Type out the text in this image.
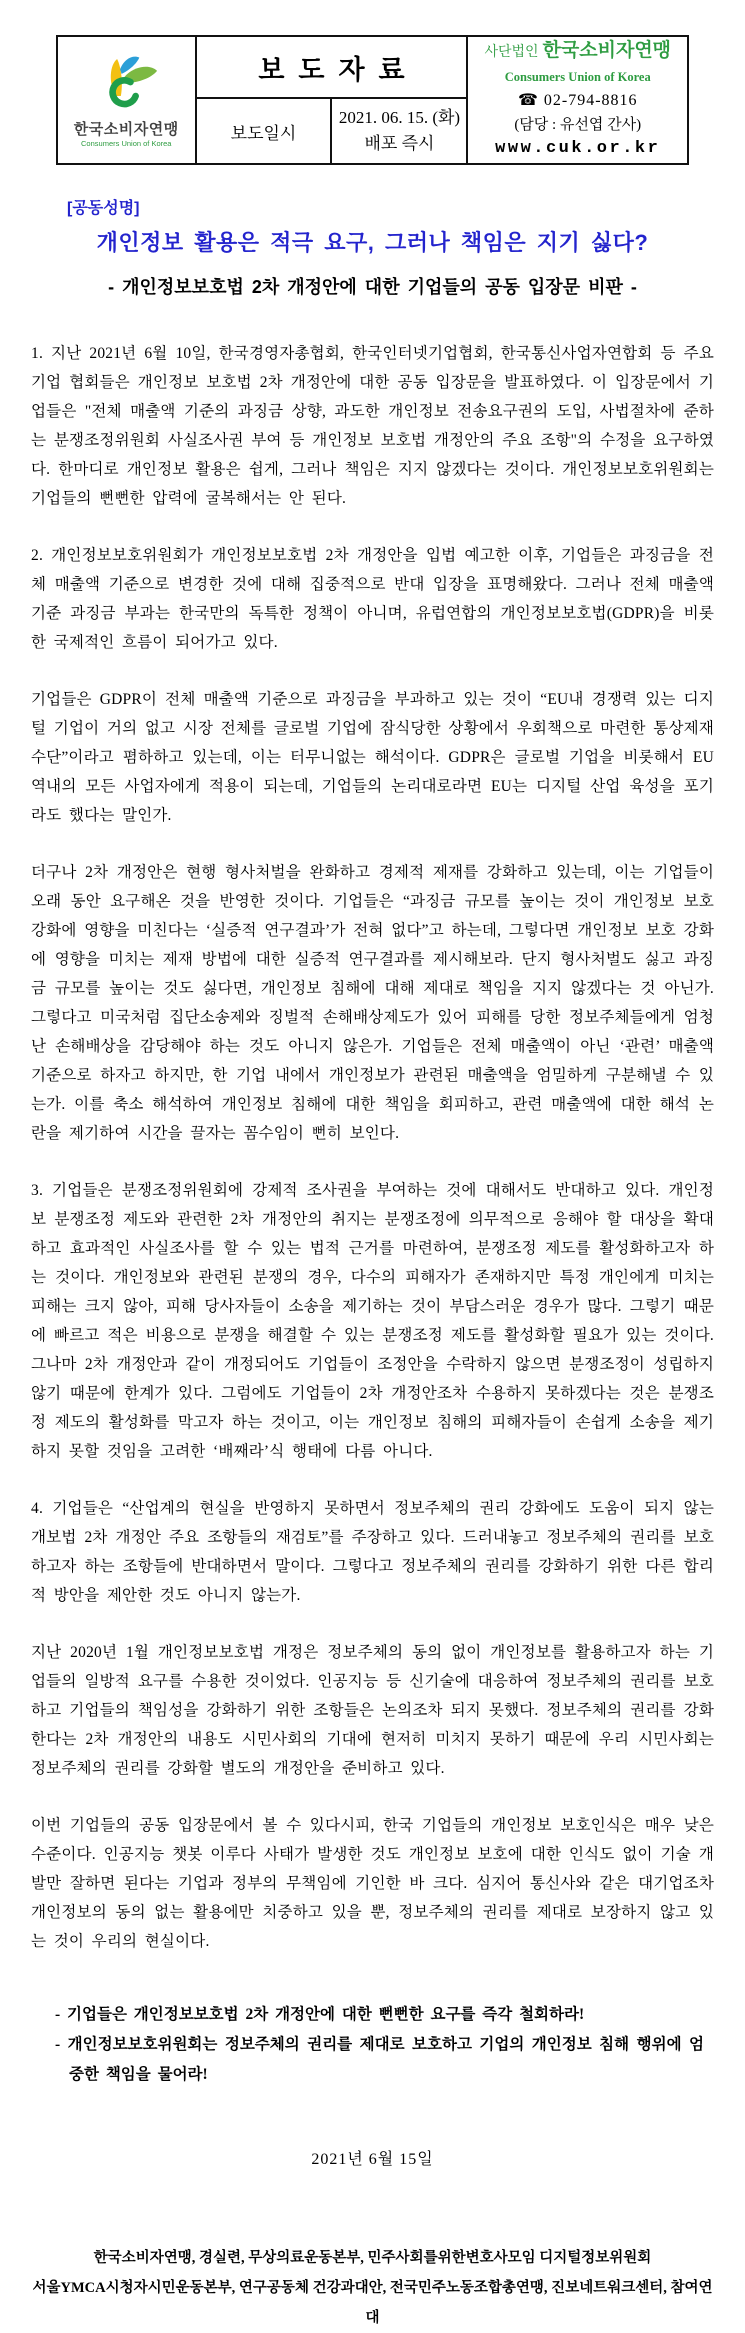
한국소비자연맹
Consumers Union of Korea

보도자료

사단법인 한국소비자연맹
Consumers Union of Korea
☎ 02-794-8816
(담당 : 유선엽 간사)
www.cuk.or.kr

	보도일시	2021. 06. 15. (화)
배포 즉시	
[공동성명]
개인정보 활용은 적극 요구, 그러나 책임은 지기 싫다?
- 개인정보보호법 2차 개정안에 대한 기업들의 공동 입장문 비판 -

1. 지난 2021년 6월 10일, 한국경영자총협회, 한국인터넷기업협회, 한국통신사업자연합회 등 주요 기업 협회들은 개인정보 보호법 2차 개정안에 대한 공동 입장문을 발표하였다. 이 입장문에서 기업들은 "전체 매출액 기준의 과징금 상향, 과도한 개인정보 전송요구권의 도입, 사법절차에 준하는 분쟁조정위원회 사실조사권 부여 등 개인정보 보호법 개정안의 주요 조항"의 수정을 요구하였다. 한마디로 개인정보 활용은 쉽게, 그러나 책임은 지지 않겠다는 것이다. 개인정보보호위원회는 기업들의 뻔뻔한 압력에 굴복해서는 안 된다.

2. 개인정보보호위원회가 개인정보보호법 2차 개정안을 입법 예고한 이후, 기업들은 과징금을 전체 매출액 기준으로 변경한 것에 대해 집중적으로 반대 입장을 표명해왔다. 그러나 전체 매출액 기준 과징금 부과는 한국만의 독특한 정책이 아니며, 유럽연합의 개인정보보호법(GDPR)을 비롯한 국제적인 흐름이 되어가고 있다.

기업들은 GDPR이 전체 매출액 기준으로 과징금을 부과하고 있는 것이 “EU내 경쟁력 있는 디지털 기업이 거의 없고 시장 전체를 글로벌 기업에 잠식당한 상황에서 우회책으로 마련한 통상제재 수단”이라고 폄하하고 있는데, 이는 터무니없는 해석이다. GDPR은 글로벌 기업을 비롯해서 EU 역내의 모든 사업자에게 적용이 되는데, 기업들의 논리대로라면 EU는 디지털 산업 육성을 포기라도 했다는 말인가.

더구나 2차 개정안은 현행 형사처벌을 완화하고 경제적 제재를 강화하고 있는데, 이는 기업들이 오래 동안 요구해온 것을 반영한 것이다. 기업들은 “과징금 규모를 높이는 것이 개인정보 보호 강화에 영향을 미친다는 ‘실증적 연구결과’가 전혀 없다”고 하는데, 그렇다면 개인정보 보호 강화에 영향을 미치는 제재 방법에 대한 실증적 연구결과를 제시해보라. 단지 형사처벌도 싫고 과징금 규모를 높이는 것도 싫다면, 개인정보 침해에 대해 제대로 책임을 지지 않겠다는 것 아닌가. 그렇다고 미국처럼 집단소송제와 징벌적 손해배상제도가 있어 피해를 당한 정보주체들에게 엄청난 손해배상을 감당해야 하는 것도 아니지 않은가. 기업들은 전체 매출액이 아닌 ‘관련’ 매출액 기준으로 하자고 하지만, 한 기업 내에서 개인정보가 관련된 매출액을 엄밀하게 구분해낼 수 있는가. 이를 축소 해석하여 개인정보 침해에 대한 책임을 회피하고, 관련 매출액에 대한 해석 논란을 제기하여 시간을 끌자는 꼼수임이 뻔히 보인다.

3. 기업들은 분쟁조정위원회에 강제적 조사권을 부여하는 것에 대해서도 반대하고 있다. 개인정보 분쟁조정 제도와 관련한 2차 개정안의 취지는 분쟁조정에 의무적으로 응해야 할 대상을 확대하고 효과적인 사실조사를 할 수 있는 법적 근거를 마련하여, 분쟁조정 제도를 활성화하고자 하는 것이다. 개인정보와 관련된 분쟁의 경우, 다수의 피해자가 존재하지만 특정 개인에게 미치는 피해는 크지 않아, 피해 당사자들이 소송을 제기하는 것이 부담스러운 경우가 많다. 그렇기 때문에 빠르고 적은 비용으로 분쟁을 해결할 수 있는 분쟁조정 제도를 활성화할 필요가 있는 것이다. 그나마 2차 개정안과 같이 개정되어도 기업들이 조정안을 수락하지 않으면 분쟁조정이 성립하지 않기 때문에 한계가 있다. 그럼에도 기업들이 2차 개정안조차 수용하지 못하겠다는 것은 분쟁조정 제도의 활성화를 막고자 하는 것이고, 이는 개인정보 침해의 피해자들이 손쉽게 소송을 제기하지 못할 것임을 고려한 ‘배째라’식 행태에 다름 아니다.

4. 기업들은 “산업계의 현실을 반영하지 못하면서 정보주체의 권리 강화에도 도움이 되지 않는 개보법 2차 개정안 주요 조항들의 재검토”를 주장하고 있다. 드러내놓고 정보주체의 권리를 보호하고자 하는 조항들에 반대하면서 말이다. 그렇다고 정보주체의 권리를 강화하기 위한 다른 합리적 방안을 제안한 것도 아니지 않는가.

지난 2020년 1월 개인정보보호법 개정은 정보주체의 동의 없이 개인정보를 활용하고자 하는 기업들의 일방적 요구를 수용한 것이었다. 인공지능 등 신기술에 대응하여 정보주체의 권리를 보호하고 기업들의 책임성을 강화하기 위한 조항들은 논의조차 되지 못했다. 정보주체의 권리를 강화한다는 2차 개정안의 내용도 시민사회의 기대에 현저히 미치지 못하기 때문에 우리 시민사회는 정보주체의 권리를 강화할 별도의 개정안을 준비하고 있다.

이번 기업들의 공동 입장문에서 볼 수 있다시피, 한국 기업들의 개인정보 보호인식은 매우 낮은 수준이다. 인공지능 챗봇 이루다 사태가 발생한 것도 개인정보 보호에 대한 인식도 없이 기술 개발만 잘하면 된다는 기업과 정부의 무책임에 기인한 바 크다. 심지어 통신사와 같은 대기업조차 개인정보의 동의 없는 활용에만 치중하고 있을 뿐, 정보주체의 권리를 제대로 보장하지 않고 있는 것이 우리의 현실이다.

- 기업들은 개인정보보호법 2차 개정안에 대한 뻔뻔한 요구를 즉각 철회하라!
- 개인정보보호위원회는 정보주체의 권리를 제대로 보호하고 기업의 개인정보 침해 행위에 엄중한 책임을 물어라!
2021년 6월 15일
한국소비자연맹, 경실련, 무상의료운동본부, 민주사회를위한변호사모임 디지털정보위원회
서울YMCA시청자시민운동본부, 연구공동체 건강과대안, 전국민주노동조합총연맹, 진보네트워크센터, 참여연대
